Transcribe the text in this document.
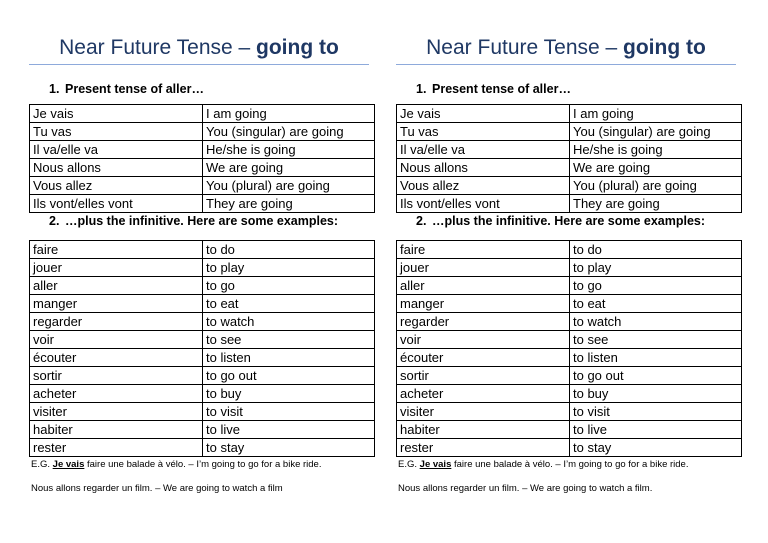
Near Future Tense – going to
1. Present tense of aller…
Je vais	I am going
Tu vas	You (singular) are going
Il va/elle va	He/she is going
Nous allons	We are going
Vous allez	You (plural) are going
Ils vont/elles vont	They are going
2. …plus the infinitive. Here are some examples:
faire	to do
jouer	to play
aller	to go
manger	to eat
regarder	to watch
voir	to see
écouter	to listen
sortir	to go out
acheter	to buy
visiter	to visit
habiter	to live
rester	to stay
E.G. Je vais faire une balade à vélo. – I’m going to go for a bike ride.
Nous allons regarder un film. – We are going to watch a film
Near Future Tense – going to
1. Present tense of aller…
Je vais	I am going
Tu vas	You (singular) are going
Il va/elle va	He/she is going
Nous allons	We are going
Vous allez	You (plural) are going
Ils vont/elles vont	They are going
2. …plus the infinitive. Here are some examples:
faire	to do
jouer	to play
aller	to go
manger	to eat
regarder	to watch
voir	to see
écouter	to listen
sortir	to go out
acheter	to buy
visiter	to visit
habiter	to live
rester	to stay
E.G. Je vais faire une balade à vélo. – I’m going to go for a bike ride.
Nous allons regarder un film. – We are going to watch a film.
